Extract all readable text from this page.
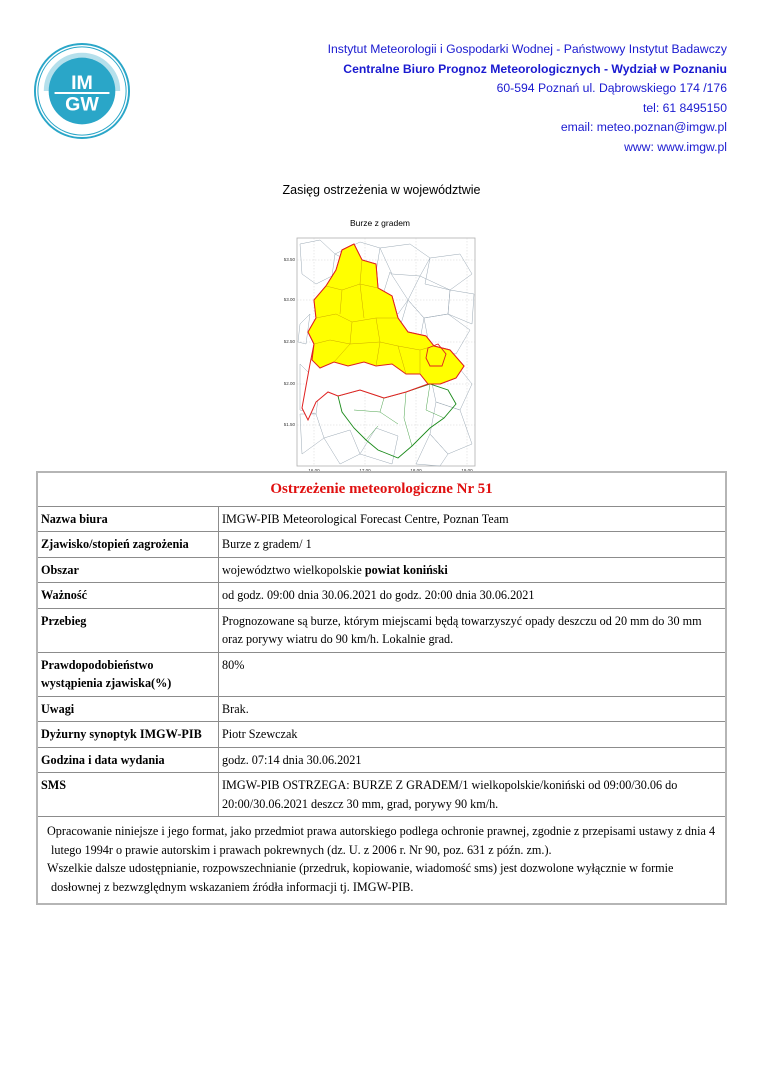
IM
GW
Instytut Meteorologii i Gospodarki Wodnej - Państwowy Instytut Badawczy
Centralne Biuro Prognoz Meteorologicznych - Wydział w Poznaniu
60-594 Poznań ul. Dąbrowskiego 174 /176
tel: 61 8495150
email: meteo.poznan@imgw.pl
www: www.imgw.pl
Zasięg ostrzeżenia w województwie
Burze z gradem
53.50
53.00
52.50
52.00
51.50
16.00	17.00	18.00	19.00
Ostrzeżenie meteorologiczne Nr 51	
Nazwa biura	IMGW-PIB Meteorological Forecast Centre, Poznan Team
Zjawisko/stopień zagrożenia	Burze z gradem/ 1
Obszar	województwo wielkopolskie powiat koniński
Ważność	od godz. 09:00 dnia 30.06.2021 do godz. 20:00 dnia 30.06.2021
Przebieg	Prognozowane są burze, którym miejscami będą towarzyszyć opady deszczu od 20 mm do 30 mm oraz porywy wiatru do 90 km/h. Lokalnie grad.
Prawdopodobieństwo wystąpienia zjawiska(%)	80%
Uwagi	Brak.
Dyżurny synoptyk IMGW-PIB	Piotr Szewczak
Godzina i data wydania	godz. 07:14 dnia 30.06.2021
SMS	IMGW-PIB OSTRZEGA: BURZE Z GRADEM/1 wielkopolskie/koniński od 09:00/30.06 do 20:00/30.06.2021 deszcz 30 mm, grad, porywy 90 km/h.

Opracowanie niniejsze i jego format, jako przedmiot prawa autorskiego podlega ochronie prawnej, zgodnie z przepisami ustawy z dnia 4 lutego 1994r o prawie autorskim i prawach pokrewnych (dz. U. z 2006 r. Nr 90, poz. 631 z późn. zm.).
Wszelkie dalsze udostępnianie, rozpowszechnianie (przedruk, kopiowanie, wiadomość sms) jest dozwolone wyłącznie w formie dosłownej z bezwzględnym wskazaniem źródła informacji tj. IMGW-PIB.	
